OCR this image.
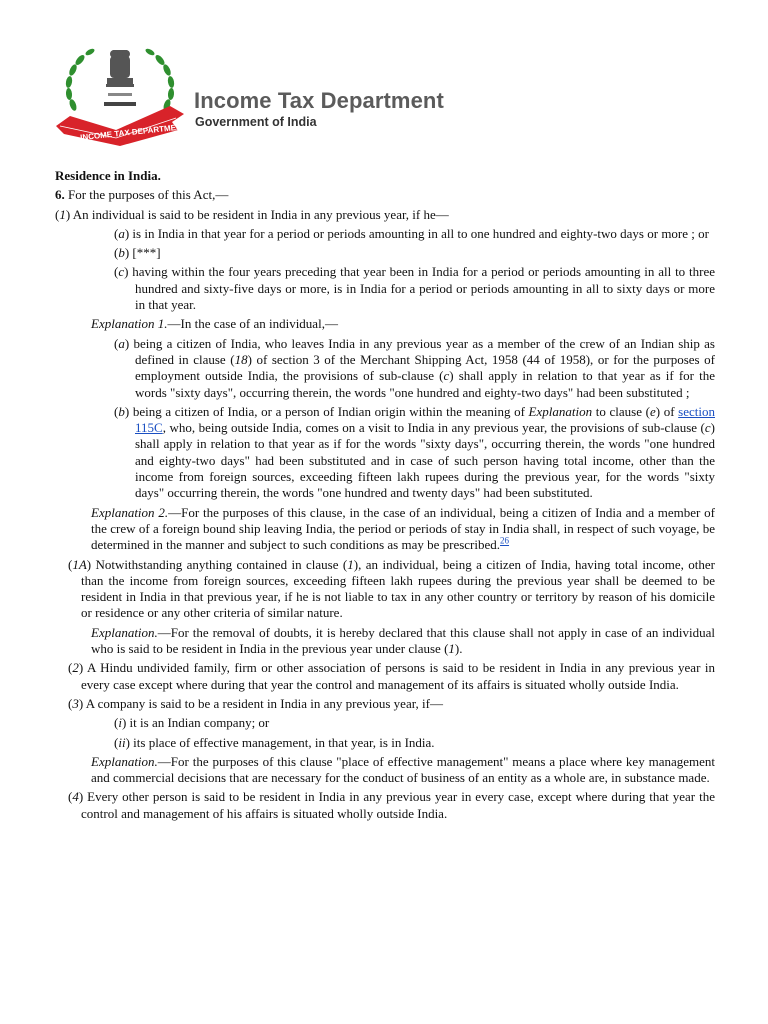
INCOME TAX DEPARTMENT
Income Tax Department
Government of India

Residence in India.

6. For the purposes of this Act,—

(1) An individual is said to be resident in India in any previous year, if he—

(a) is in India in that year for a period or periods amounting in all to one hundred and eighty-two days or more ; or

(b) [***]

(c) having within the four years preceding that year been in India for a period or periods amounting in all to three hundred and sixty-five days or more, is in India for a period or periods amounting in all to sixty days or more in that year.

Explanation 1.—In the case of an individual,—

(a) being a citizen of India, who leaves India in any previous year as a member of the crew of an Indian ship as defined in clause (18) of section 3 of the Merchant Shipping Act, 1958 (44 of 1958), or for the purposes of employment outside India, the provisions of sub-clause (c) shall apply in relation to that year as if for the words "sixty days", occurring therein, the words "one hundred and eighty-two days" had been substituted ;

(b) being a citizen of India, or a person of Indian origin within the meaning of Explanation to clause (e) of section 115C, who, being outside India, comes on a visit to India in any previous year, the provisions of sub-clause (c) shall apply in relation to that year as if for the words "sixty days", occurring therein, the words "one hundred and eighty-two days" had been substituted and in case of such person having total income, other than the income from foreign sources, exceeding fifteen lakh rupees during the previous year, for the words "sixty days" occurring therein, the words "one hundred and twenty days" had been substituted.

Explanation 2.—For the purposes of this clause, in the case of an individual, being a citizen of India and a member of the crew of a foreign bound ship leaving India, the period or periods of stay in India shall, in respect of such voyage, be determined in the manner and subject to such conditions as may be prescribed.$^{26}$

(1A) Notwithstanding anything contained in clause (1), an individual, being a citizen of India, having total income, other than the income from foreign sources, exceeding fifteen lakh rupees during the previous year shall be deemed to be resident in India in that previous year, if he is not liable to tax in any other country or territory by reason of his domicile or residence or any other criteria of similar nature.

Explanation.—For the removal of doubts, it is hereby declared that this clause shall not apply in case of an individual who is said to be resident in India in the previous year under clause (1).

(2) A Hindu undivided family, firm or other association of persons is said to be resident in India in any previous year in every case except where during that year the control and management of its affairs is situated wholly outside India.

(3) A company is said to be a resident in India in any previous year, if—

(i) it is an Indian company; or

(ii) its place of effective management, in that year, is in India.

Explanation.—For the purposes of this clause "place of effective management" means a place where key management and commercial decisions that are necessary for the conduct of business of an entity as a whole are, in substance made.

(4) Every other person is said to be resident in India in any previous year in every case, except where during that year the control and management of his affairs is situated wholly outside India.
